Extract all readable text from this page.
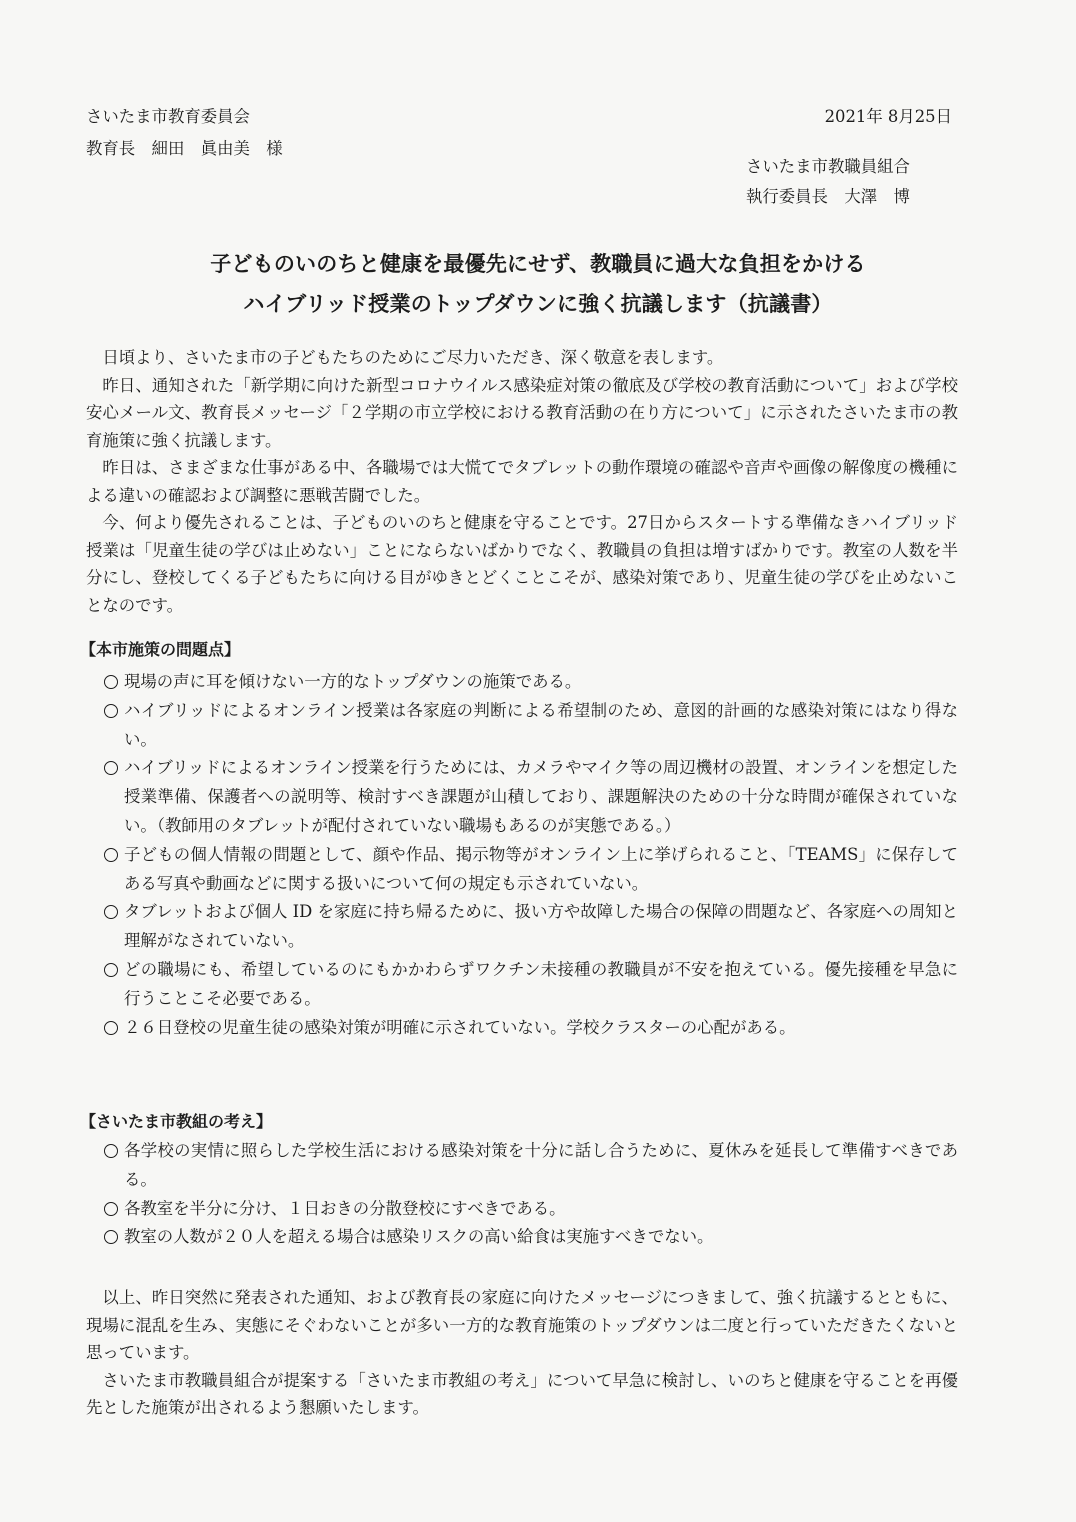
さいたま市教育委員会
教育長　細田　眞由美　様
2021年 8月25日
さいたま市教職員組合
執行委員長　大澤　博
子どものいのちと健康を最優先にせず、教職員に過大な負担をかける
ハイブリッド授業のトップダウンに強く抗議します（抗議書）

日頃より、さいたま市の子どもたちのためにご尽力いただき、深く敬意を表します。

昨日、通知された「新学期に向けた新型コロナウイルス感染症対策の徹底及び学校の教育活動について」および学校安心メール文、教育長メッセージ「２学期の市立学校における教育活動の在り方について」に示されたさいたま市の教育施策に強く抗議します。

昨日は、さまざまな仕事がある中、各職場では大慌てでタブレットの動作環境の確認や音声や画像の解像度の機種による違いの確認および調整に悪戦苦闘でした。

今、何より優先されることは、子どものいのちと健康を守ることです。27日からスタートする準備なきハイブリッド授業は「児童生徒の学びは止めない」ことにならないばかりでなく、教職員の負担は増すばかりです。教室の人数を半分にし、登校してくる子どもたちに向ける目がゆきとどくことこそが、感染対策であり、児童生徒の学びを止めないことなのです。

【本市施策の問題点】
現場の声に耳を傾けない一方的なトップダウンの施策である。
ハイブリッドによるオンライン授業は各家庭の判断による希望制のため、意図的計画的な感染対策にはなり得ない。
ハイブリッドによるオンライン授業を行うためには、カメラやマイク等の周辺機材の設置、オンラインを想定した授業準備、保護者への説明等、検討すべき課題が山積しており、課題解決のための十分な時間が確保されていない。（教師用のタブレットが配付されていない職場もあるのが実態である。）
子どもの個人情報の問題として、顔や作品、掲示物等がオンライン上に挙げられること、「TEAMS」に保存してある写真や動画などに関する扱いについて何の規定も示されていない。
タブレットおよび個人 ID を家庭に持ち帰るために、扱い方や故障した場合の保障の問題など、各家庭への周知と理解がなされていない。
どの職場にも、希望しているのにもかかわらずワクチン未接種の教職員が不安を抱えている。優先接種を早急に行うことこそ必要である。
２６日登校の児童生徒の感染対策が明確に示されていない。学校クラスターの心配がある。
【さいたま市教組の考え】
各学校の実情に照らした学校生活における感染対策を十分に話し合うために、夏休みを延長して準備すべきである。
各教室を半分に分け、１日おきの分散登校にすべきである。
教室の人数が２０人を超える場合は感染リスクの高い給食は実施すべきでない。

以上、昨日突然に発表された通知、および教育長の家庭に向けたメッセージにつきまして、強く抗議するとともに、現場に混乱を生み、実態にそぐわないことが多い一方的な教育施策のトップダウンは二度と行っていただきたくないと思っています。

さいたま市教職員組合が提案する「さいたま市教組の考え」について早急に検討し、いのちと健康を守ることを再優先とした施策が出されるよう懇願いたします。
